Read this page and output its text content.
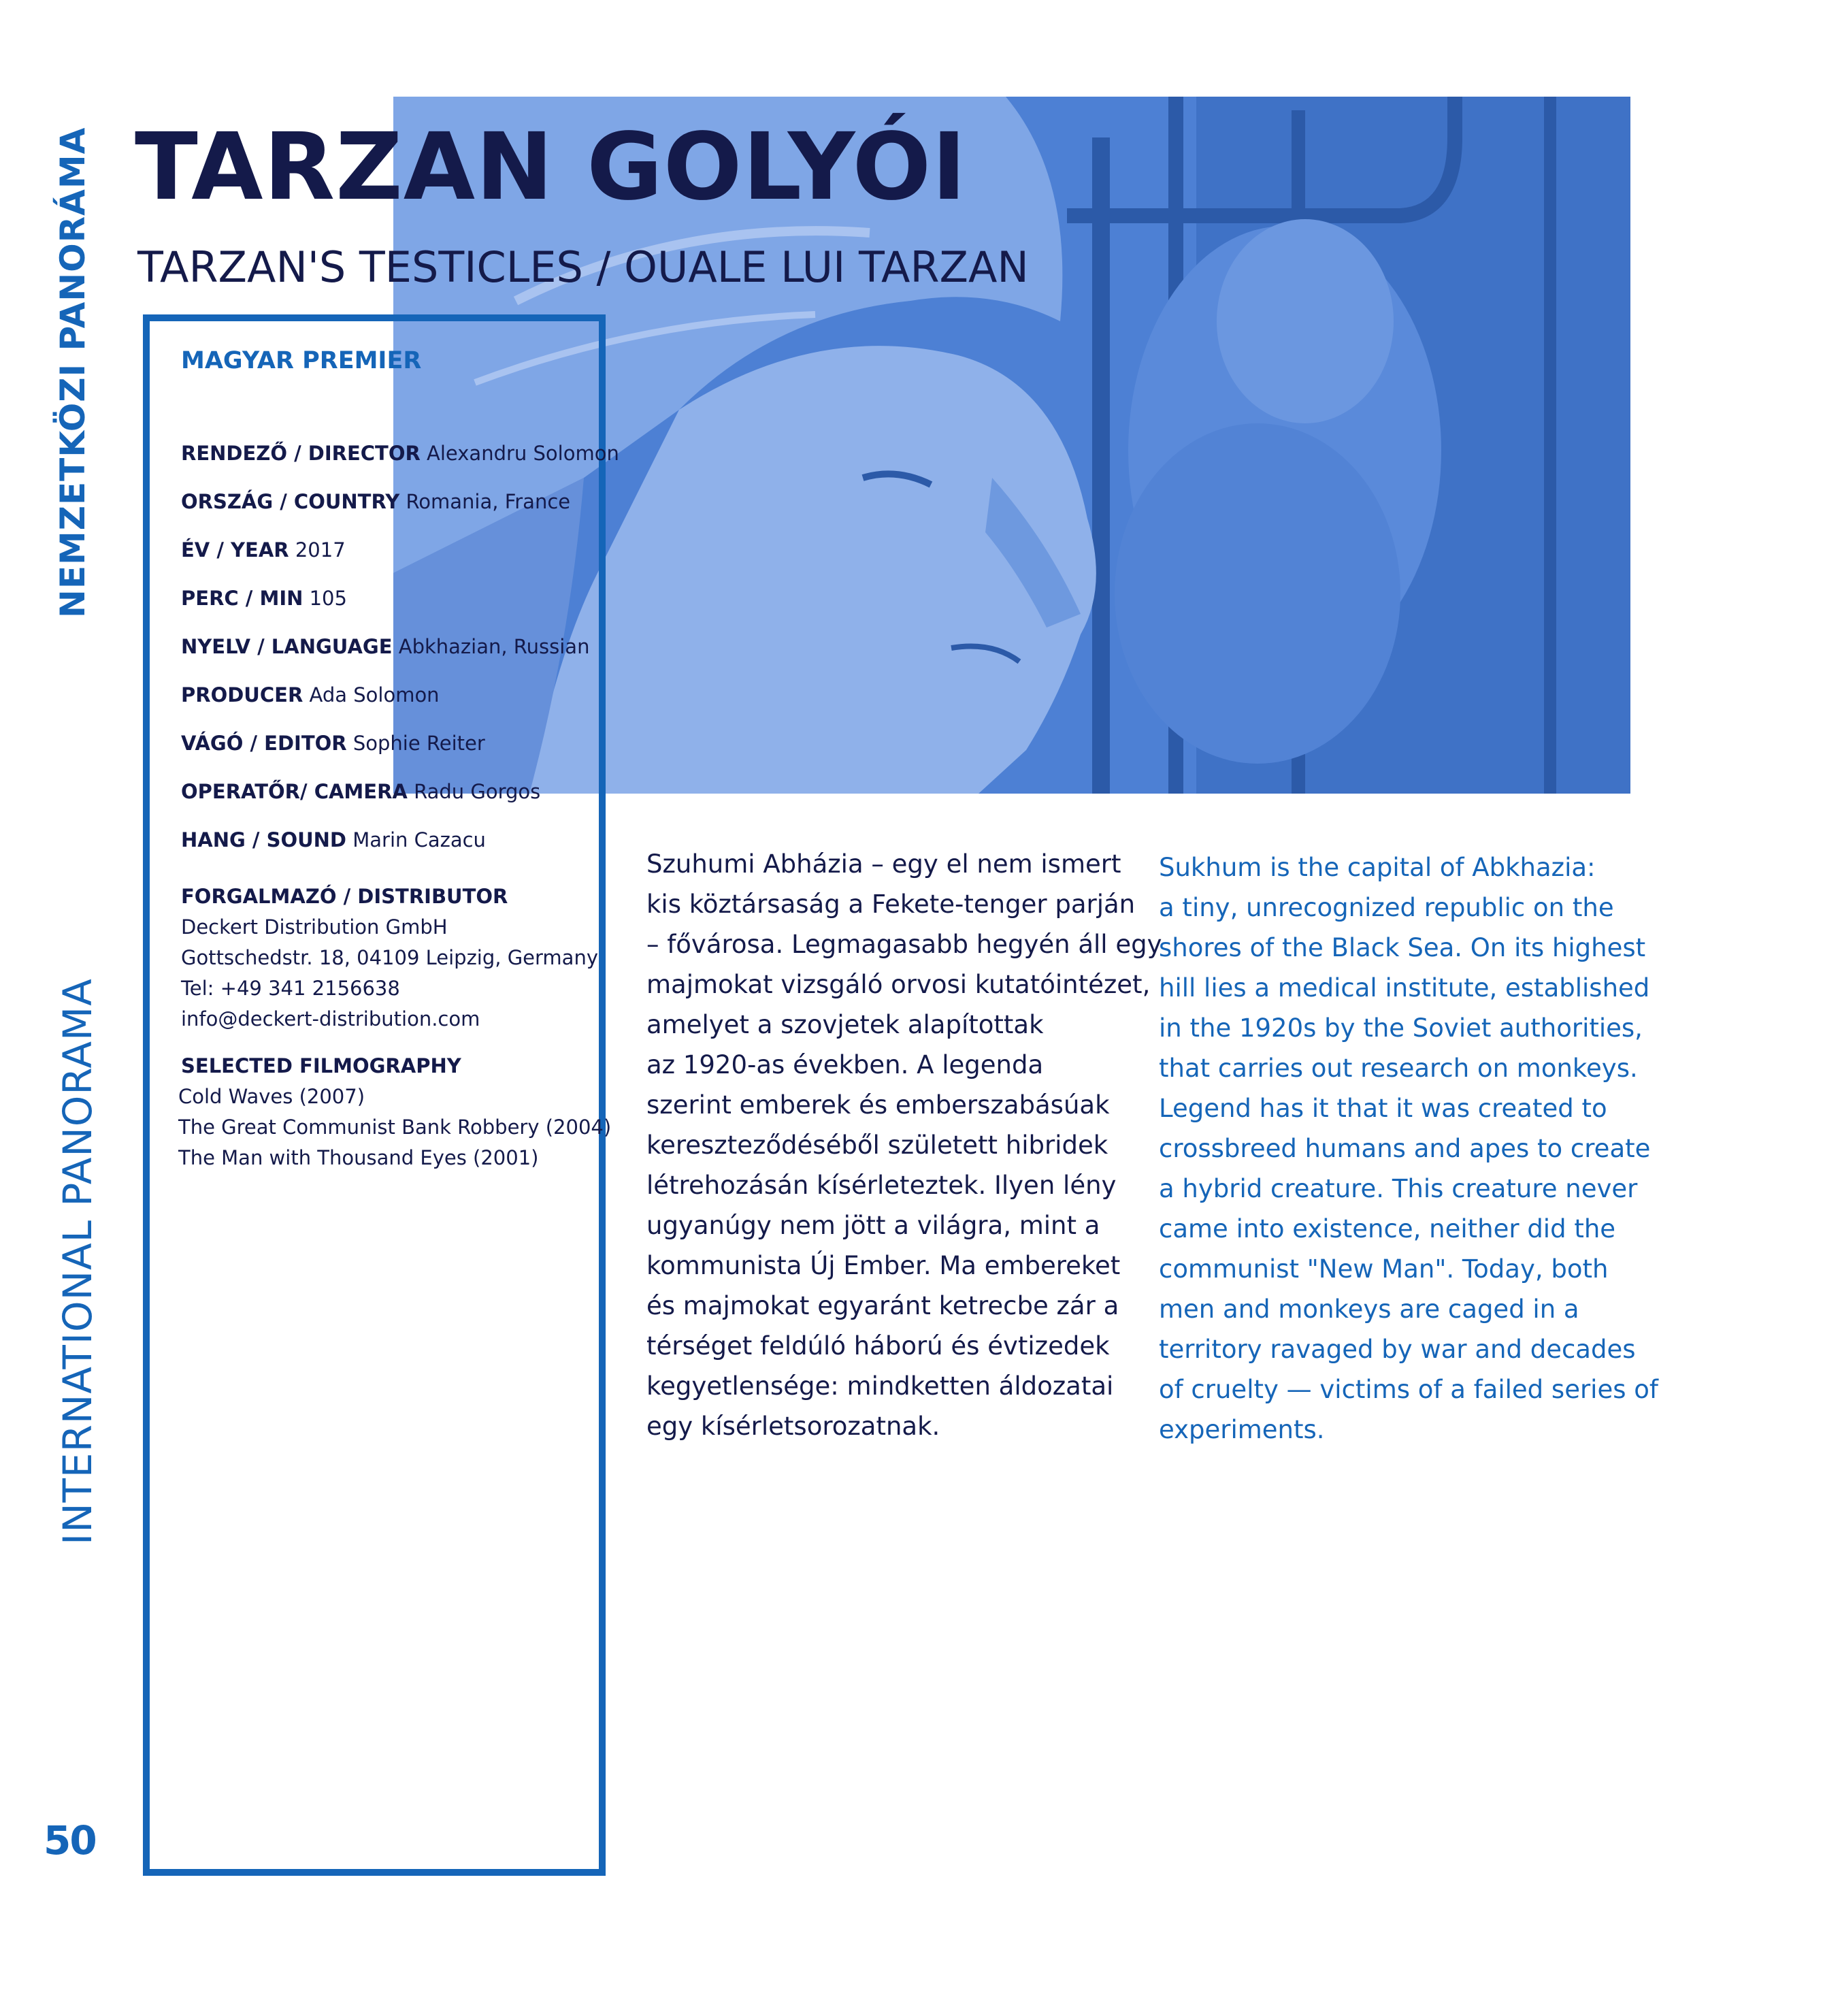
NEMZETKÖZI PANORÁMA
INTERNATIONAL PANORAMA
50
TARZAN GOLYÓI
TARZAN'S TESTICLES / OUALE LUI TARZAN
MAGYAR PREMIER
RENDEZŐ / DIRECTOR Alexandru Solomon
ORSZÁG / COUNTRY Romania, France
ÉV / YEAR 2017
PERC / MIN 105
NYELV / LANGUAGE Abkhazian, Russian
PRODUCER Ada Solomon
VÁGÓ / EDITOR Sophie Reiter
OPERATŐR/ CAMERA Radu Gorgos
HANG / SOUND Marin Cazacu
FORGALMAZÓ / DISTRIBUTOR
Deckert Distribution GmbH
Gottschedstr. 18, 04109 Leipzig, Germany
Tel: +49 341 2156638
info@deckert-distribution.com
SELECTED FILMOGRAPHY
Cold Waves (2007)
The Great Communist Bank Robbery (2004)
The Man with Thousand Eyes (2001)
Szuhumi Abházia – egy el nem ismert
kis köztársaság a Fekete-tenger parján
– fővárosa. Legmagasabb hegyén áll egy
majmokat vizsgáló orvosi kutatóintézet,
amelyet a szovjetek alapítottak
az 1920-as években. A legenda
szerint emberek és emberszabásúak
kereszteződéséből született hibridek
létrehozásán kísérleteztek. Ilyen lény
ugyanúgy nem jött a világra, mint a
kommunista Új Ember. Ma embereket
és majmokat egyaránt ketrecbe zár a
térséget feldúló háború és évtizedek
kegyetlensége: mindketten áldozatai
egy kísérletsorozatnak.
Sukhum is the capital of Abkhazia:
a tiny, unrecognized republic on the
shores of the Black Sea. On its highest
hill lies a medical institute, established
in the 1920s by the Soviet authorities,
that carries out research on monkeys.
Legend has it that it was created to
crossbreed humans and apes to create
a hybrid creature. This creature never
came into existence, neither did the
communist "New Man". Today, both
men and monkeys are caged in a
territory ravaged by war and decades
of cruelty — victims of a failed series of
experiments.
